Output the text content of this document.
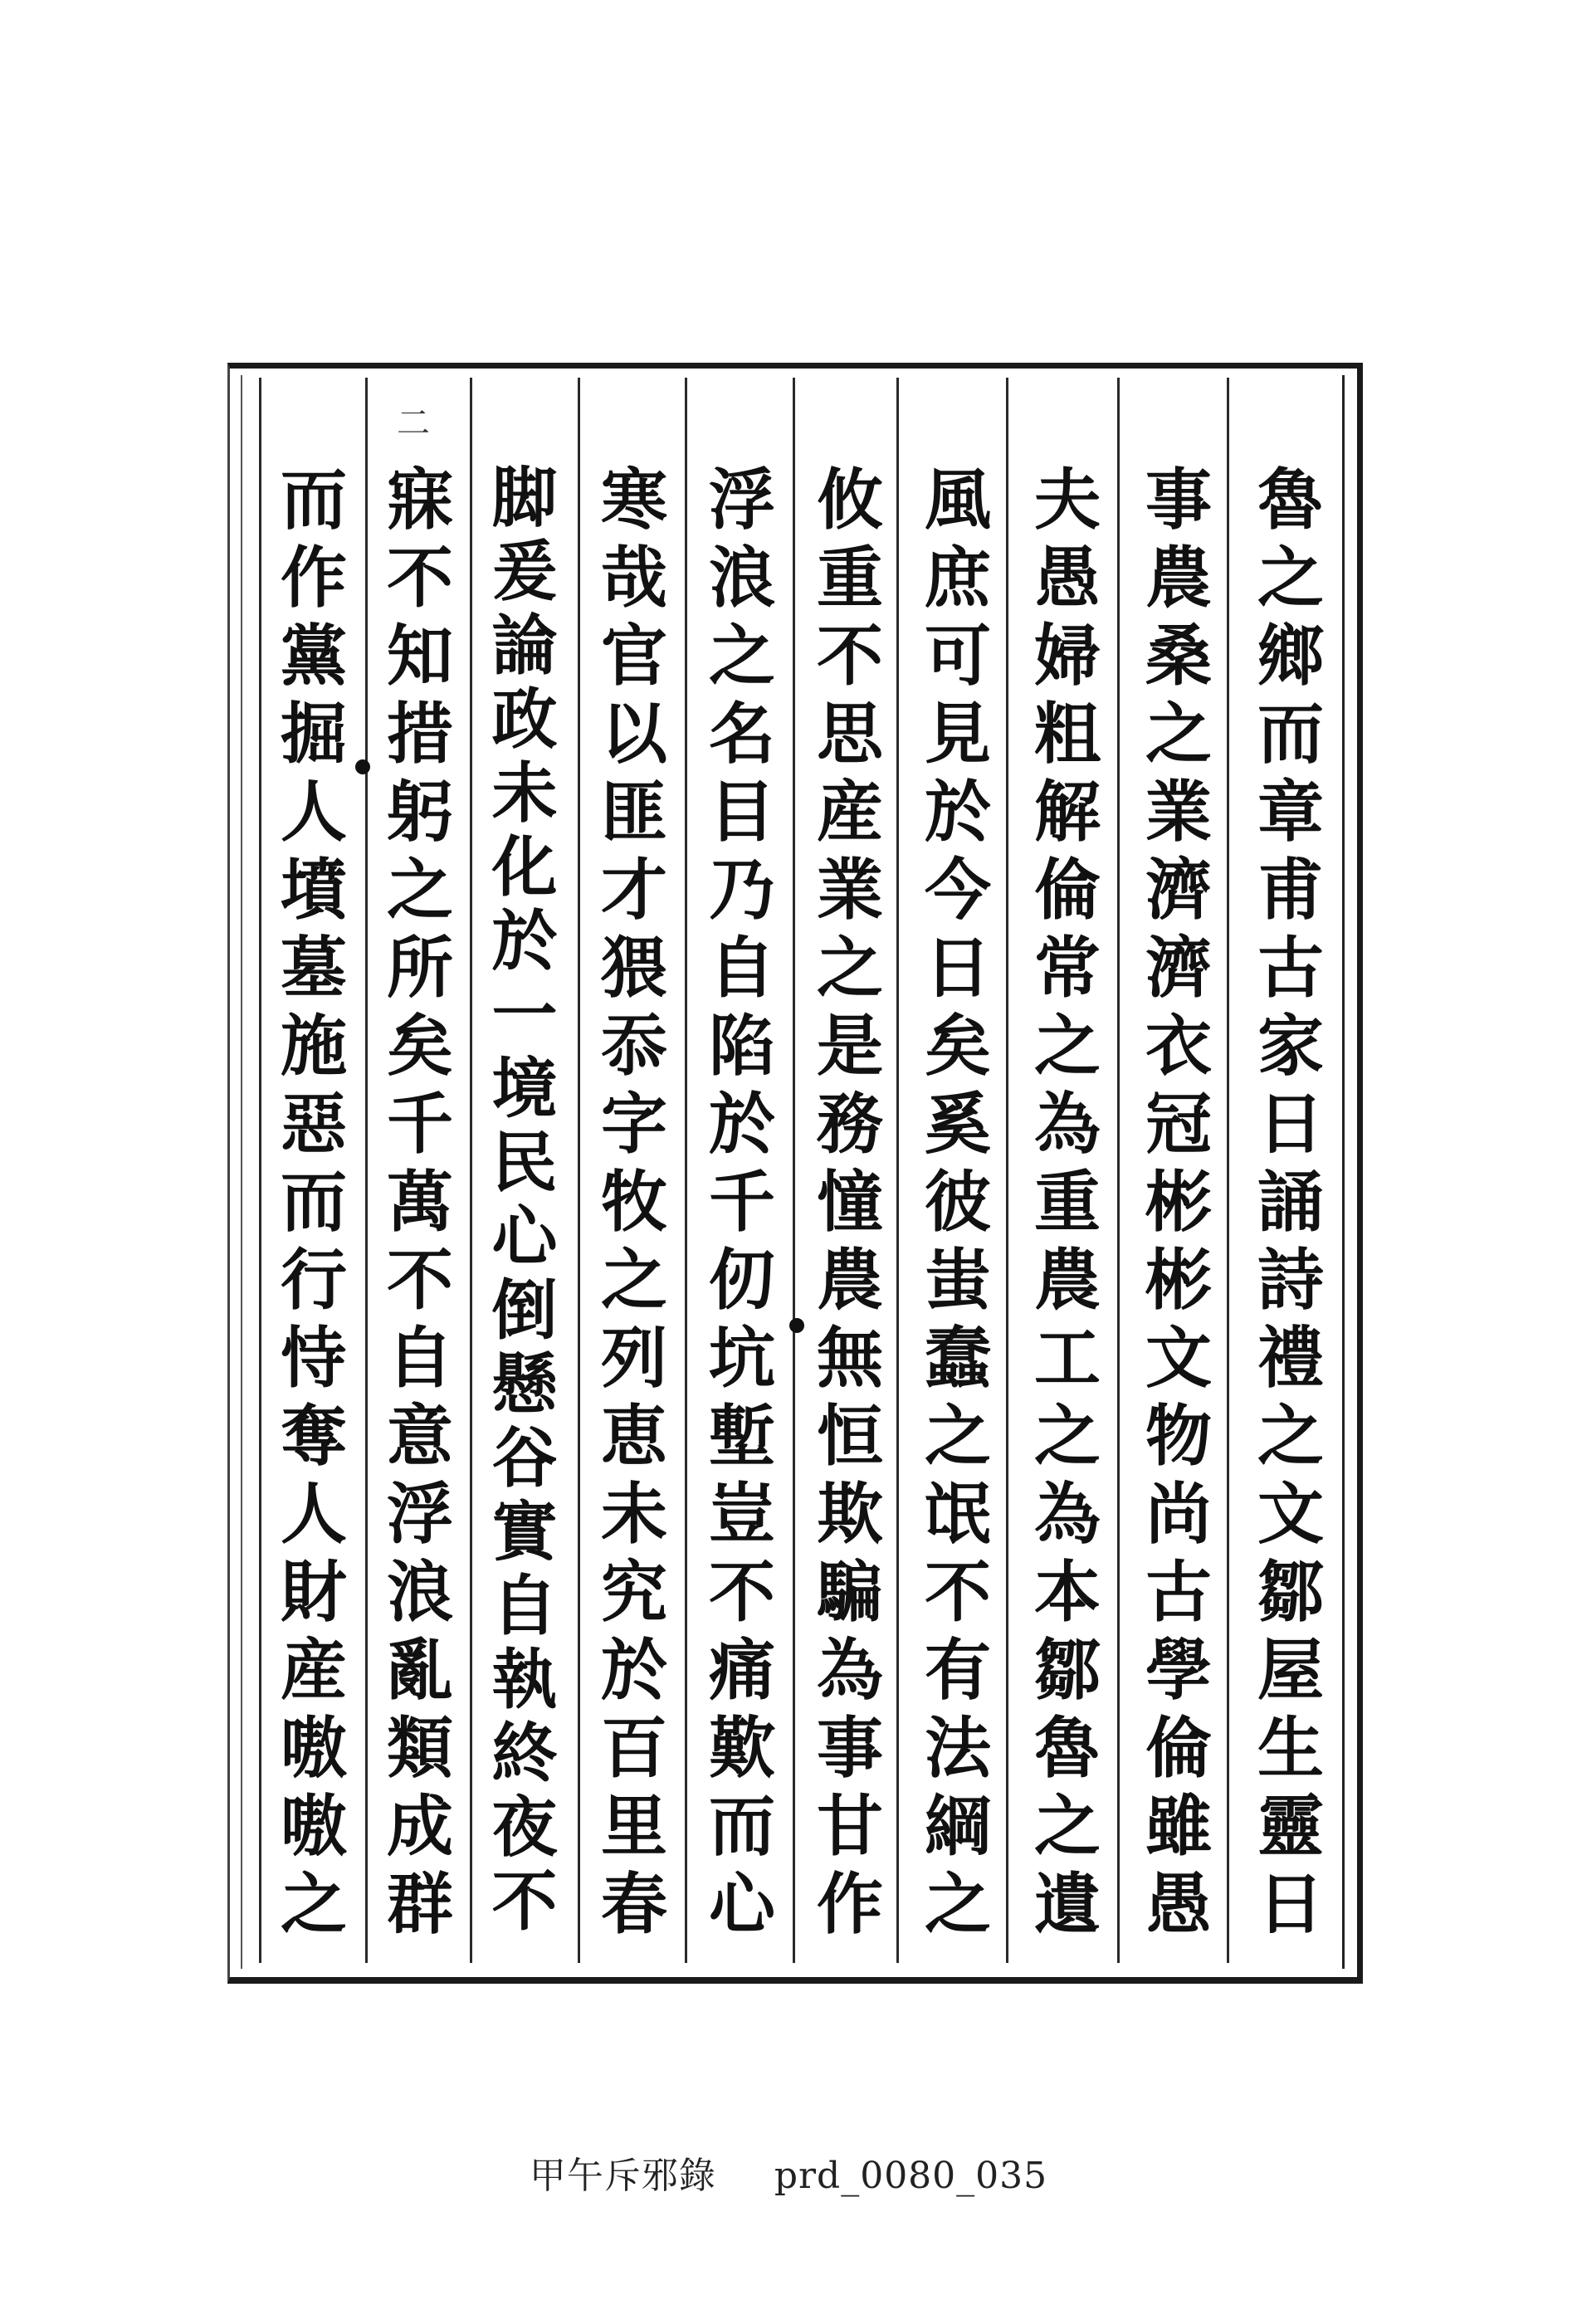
魯
之
鄉
而
章
甫
古
家
日
誦
詩
禮
之
文
鄒
屋
生
靈
日
事
農
桑
之
業
濟
濟
衣
冠
彬
彬
文
物
尚
古
學
倫
雖
愚
夫
愚
婦
粗
解
倫
常
之
為
重
農
工
之
為
本
鄒
魯
之
遺
風
庶
可
見
於
今
日
矣
奚
彼
蚩
蠢
之
氓
不
有
法
綱
之
攸
重
不
思
産
業
之
是
務
憧
農
無
恒
欺
騙
為
事
甘
作
浮
浪
之
名
目
乃
自
陷
於
千
仞
坑
塹
豈
不
痛
歎
而
心
寒
哉
官
以
匪
才
猥
忝
字
牧
之
列
恵
未
究
於
百
里
春
脚
爰
論
政
未
化
於
一
境
民
心
倒
懸
谷
實
自
執
終
夜
不
寐
不
知
措
躬
之
所
矣
千
萬
不
自
意
浮
浪
亂
類
成
群
而
作
黨
掘
人
墳
墓
施
惡
而
行
恃
奪
人
財
産
嗷
嗷
之
二
甲午斥邪錄 prd_0080_035
